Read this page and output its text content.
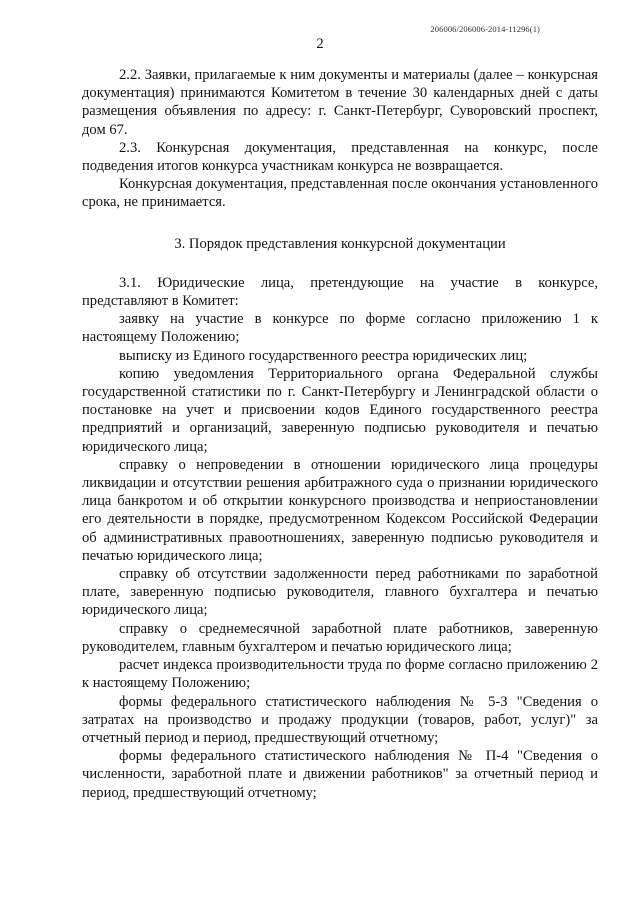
206006/206006-2014-11296(1)
2

2.2. Заявки, прилагаемые к ним документы и материалы (далее – конкурсная документация) принимаются Комитетом в течение 30 календарных дней с даты размещения объявления по адресу: г. Санкт-Петербург, Суворовский проспект, дом 67.

2.3. Конкурсная документация, представленная на конкурс, после подведения итогов конкурса участникам конкурса не возвращается.

Конкурсная документация, представленная после окончания установленного срока, не принимается.

3. Порядок представления конкурсной документации

3.1. Юридические лица, претендующие на участие в конкурсе, представляют в Комитет:

заявку на участие в конкурсе по форме согласно приложению 1 к настоящему Положению;

выписку из Единого государственного реестра юридических лиц;

копию уведомления Территориального органа Федеральной службы государственной статистики по г. Санкт-Петербургу и Ленинградской области о постановке на учет и присвоении кодов Единого государственного реестра предприятий и организаций, заверенную подписью руководителя и печатью юридического лица;

справку о непроведении в отношении юридического лица процедуры ликвидации и отсутствии решения арбитражного суда о признании юридического лица банкротом и об открытии конкурсного производства и неприостановлении его деятельности в порядке, предусмотренном Кодексом Российской Федерации об административных правоотношениях, заверенную подписью руководителя и печатью юридического лица;

справку об отсутствии задолженности перед работниками по заработной плате, заверенную подписью руководителя, главного бухгалтера и печатью юридического лица;

справку о среднемесячной заработной плате работников, заверенную руководителем, главным бухгалтером и печатью юридического лица;

расчет индекса производительности труда по форме согласно приложению 2 к настоящему Положению;

формы федерального статистического наблюдения № 5-З "Сведения о затратах на производство и продажу продукции (товаров, работ, услуг)" за отчетный период и период, предшествующий отчетному;

формы федерального статистического наблюдения № П-4 "Сведения о численности, заработной плате и движении работников" за отчетный период и период, предшествующий отчетному;
